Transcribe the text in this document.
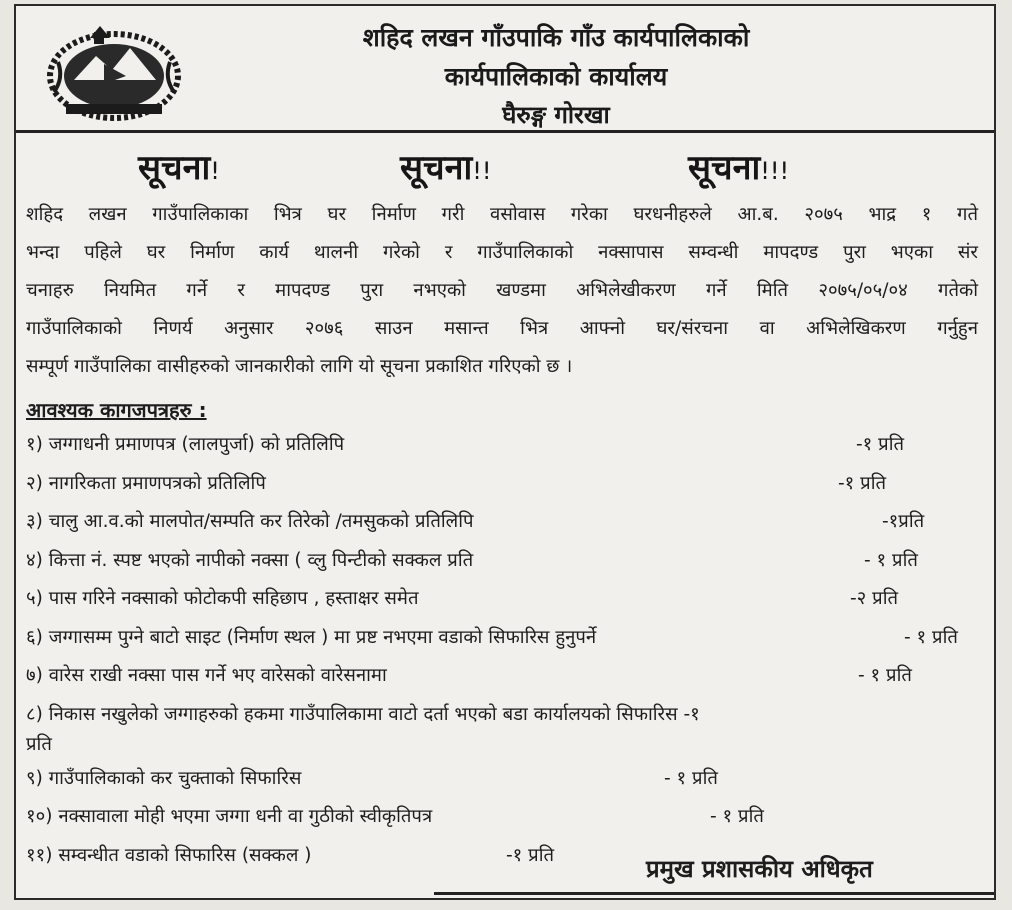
शहिद लखन गाँउपाकि गाँउ कार्यपालिकाको
कार्यपालिकाको कार्यालय
घैरुङ्ग गोरखा
सूचना!	सूचना!!	सूचना!!!
शहिद लखन गाउँपालिकाका भित्र घर निर्माण गरी वसोवास गरेका घरधनीहरुले आ.ब. २०७५ भाद्र १ गते
भन्दा पहिले घर निर्माण कार्य थालनी गरेको र गाउँपालिकाको नक्सापास सम्वन्धी मापदण्ड पुरा भएका संर
चनाहरु नियमित गर्ने र मापदण्ड पुरा नभएको खण्डमा अभिलेखीकरण गर्ने मिति २०७५/०५/०४ गतेको
गाउँपालिकाको निणर्य अनुसार २०७६ साउन मसान्त भित्र आफ्नो घर/संरचना वा अभिलेखिकरण गर्नुहुन
सम्पूर्ण गाउँपालिका वासीहरुको जानकारीको लागि यो सूचना प्रकाशित गरिएको छ ।
आवश्यक कागजपत्रहरु :
१) जग्गाधनी प्रमाणपत्र (लालपुर्जा) को प्रतिलिपि	-१ प्रति
२) नागरिकता प्रमाणपत्रको प्रतिलिपि	-१ प्रति
३) चालु आ.व.को मालपोत/सम्पति कर तिरेको /तमसुकको प्रतिलिपि	-१प्रति
४) कित्ता नं. स्पष्ट भएको नापीको नक्सा ( व्लु पिन्टीको सक्कल प्रति	- १ प्रति
५) पास गरिने नक्साको फोटोकपी सहिछाप , हस्ताक्षर समेत	-२ प्रति
६) जग्गासम्म पुग्ने बाटो साइट (निर्माण स्थल ) मा प्रष्ट नभएमा वडाको सिफारिस हुनुपर्ने	- १ प्रति
७) वारेस राखी नक्सा पास गर्ने भए वारेसको वारेसनामा	- १ प्रति
८) निकास नखुलेको जग्गाहरुको हकमा गाउँपालिकामा वाटो दर्ता भएको बडा कार्यालयको सिफारिस -१
प्रति
९) गाउँपालिकाको कर चुक्ताको सिफारिस	- १ प्रति
१०) नक्सावाला मोही भएमा जग्गा धनी वा गुठीको स्वीकृतिपत्र	- १ प्रति
११) सम्वन्धीत वडाको सिफारिस (सक्कल )	-१ प्रति	प्रमुख प्रशासकीय अधिकृत
